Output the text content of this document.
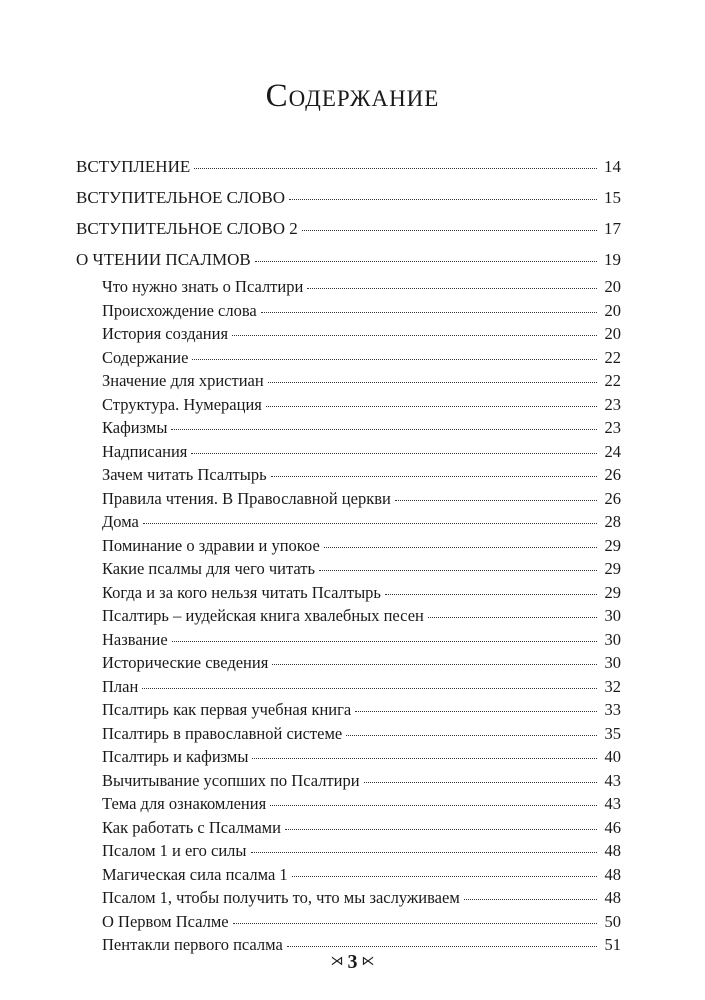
Содержание
ВСТУПЛЕНИЕ	14
ВСТУПИТЕЛЬНОЕ СЛОВО	15
ВСТУПИТЕЛЬНОЕ СЛОВО 2	17
О ЧТЕНИИ ПСАЛМОВ	19
Что нужно знать о Псалтири	20
Происхождение слова	20
История создания	20
Содержание	22
Значение для христиан	22
Структура. Нумерация	23
Кафизмы	23
Надписания	24
Зачем читать Псалтырь	26
Правила чтения. В Православной церкви	26
Дома	28
Поминание о здравии и упокое	29
Какие псалмы для чего читать	29
Когда и за кого нельзя читать Псалтырь	29
Псалтирь – иудейская книга хвалебных песен	30
Название	30
Исторические сведения	30
План	32
Псалтирь как первая учебная книга	33
Псалтирь в православной системе	35
Псалтирь и кафизмы	40
Вычитывание усопших по Псалтири	43
Тема для ознакомления	43
Как работать с Псалмами	46
Псалом 1 и его силы	48
Магическая сила псалма 1	48
Псалом 1, чтобы получить то, что мы заслуживаем	48
О Первом Псалме	50
Пентакли первого псалма	51
⋊ 3 ⋉
